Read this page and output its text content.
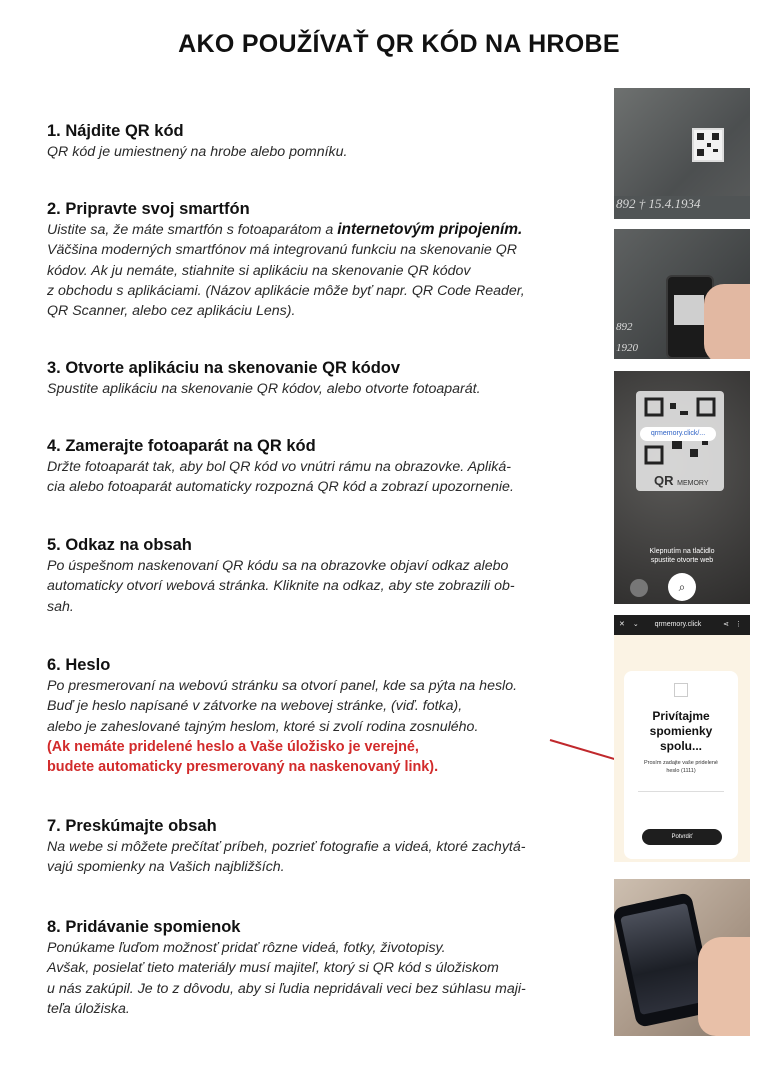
AKO POUŽÍVAŤ QR KÓD NA HROBE
1. Nájdite QR kód

QR kód je umiestnený na hrobe alebo pomníku.

2. Pripravte svoj smartfón

Uistite sa, že máte smartfón s fotoaparátom a internetovým pripojením.

Väčšina moderných smartfónov má integrovanú funkciu na skenovanie QR

kódov. Ak ju nemáte, stiahnite si aplikáciu na skenovanie QR kódov

z obchodu s aplikáciami. (Názov aplikácie môže byť napr. QR Code Reader,

QR Scanner, alebo cez aplikáciu Lens).

3. Otvorte aplikáciu na skenovanie QR kódov

Spustite aplikáciu na skenovanie QR kódov, alebo otvorte fotoaparát.

4. Zamerajte fotoaparát na QR kód

Držte fotoaparát tak, aby bol QR kód vo vnútri rámu na obrazovke. Apliká-

cia alebo fotoaparát automaticky rozpozná QR kód a zobrazí upozornenie.

5. Odkaz na obsah

Po úspešnom naskenovaní QR kódu sa na obrazovke objaví odkaz alebo

automaticky otvorí webová stránka. Kliknite na odkaz, aby ste zobrazili ob-

sah.

6. Heslo

Po presmerovaní na webovú stránku sa otvorí panel, kde sa pýta na heslo.

Buď je heslo napísané v zátvorke na webovej stránke, (viď. fotka),

alebo je zaheslované tajným heslom, ktoré si zvolí rodina zosnulého.

(Ak nemáte pridelené heslo a Vaše úložisko je verejné,

budete automaticky presmerovaný na naskenovaný link).

7. Preskúmajte obsah

Na webe si môžete prečítať príbeh, pozrieť fotografie a videá, ktoré zachytá-

vajú spomienky na Vašich najbližších.

8. Pridávanie spomienok

Ponúkame ľuďom možnosť pridať rôzne videá, fotky, životopisy.

Avšak, posielať tieto materiály musí majiteľ, ktorý si QR kód s úložiskom

u nás zakúpil. Je to z dôvodu, aby si ľudia nepridávali veci bez súhlasu maji-

teľa úložiska.

892 † 15.4.1934
892
1920
QR MEMORY
qrmemory.click/...
Klepnutím na tlačidlo
spustite otvorte web
⌕
✕ ⌄ qrmemory.click	⋖ ⋮
Privítajme
spomienky
spolu...
Prosím zadajte vaše pridelené
heslo (1111)
Potvrdiť
